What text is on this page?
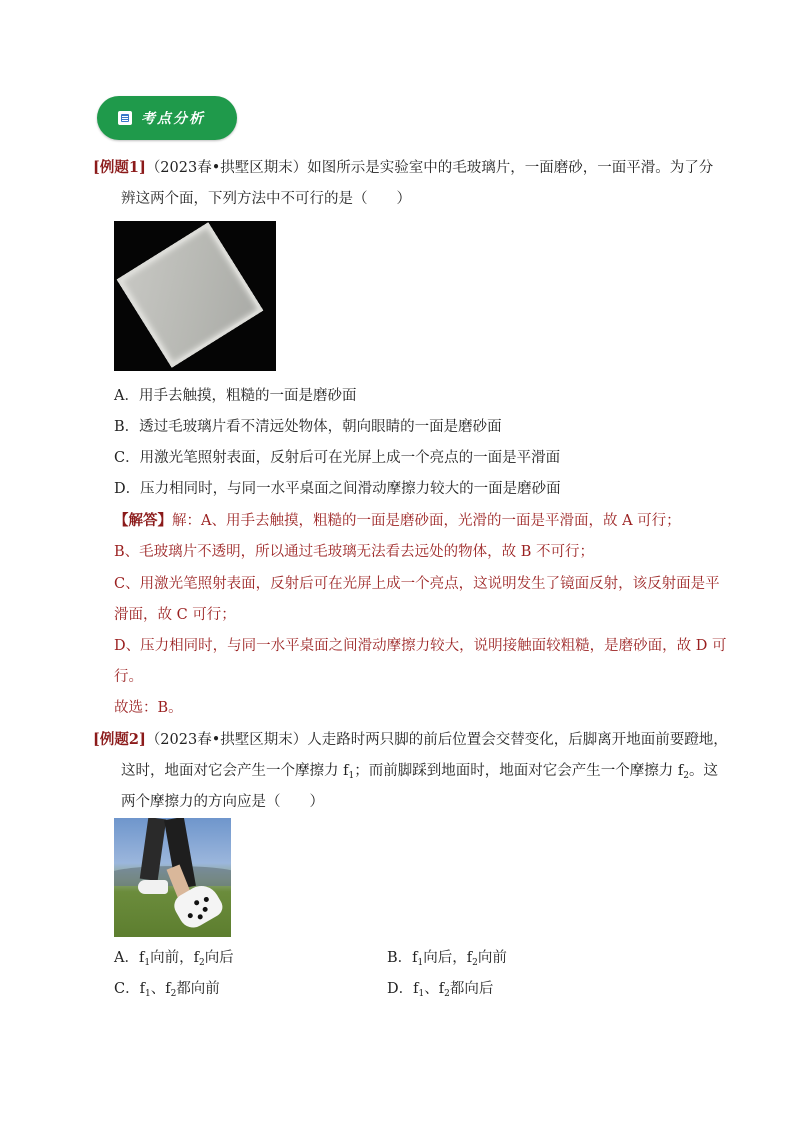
考点分析
[例题1]（2023春•拱墅区期末）如图所示是实验室中的毛玻璃片，一面磨砂，一面平滑。为了分
辨这两个面，下列方法中不可行的是（　　）
A．用手去触摸，粗糙的一面是磨砂面
B．透过毛玻璃片看不清远处物体，朝向眼睛的一面是磨砂面
C．用激光笔照射表面，反射后可在光屏上成一个亮点的一面是平滑面
D．压力相同时，与同一水平桌面之间滑动摩擦力较大的一面是磨砂面
【解答】解：A、用手去触摸，粗糙的一面是磨砂面，光滑的一面是平滑面，故 A 可行；
B、毛玻璃片不透明，所以通过毛玻璃无法看去远处的物体，故 B 不可行；
C、用激光笔照射表面，反射后可在光屏上成一个亮点，这说明发生了镜面反射，该反射面是平
滑面，故 C 可行；
D、压力相同时，与同一水平桌面之间滑动摩擦力较大，说明接触面较粗糙，是磨砂面，故 D 可
行。
故选：B。
[例题2]（2023春•拱墅区期末）人走路时两只脚的前后位置会交替变化，后脚离开地面前要蹬地，
这时，地面对它会产生一个摩擦力 $f_1$；而前脚踩到地面时，地面对它会产生一个摩擦力 $f_2$。这
两个摩擦力的方向应是（　　）
A．$f_1$向前，$f_2$向后	B．$f_1$向后，$f_2$向前
C．$f_1$、$f_2$都向前	D．$f_1$、$f_2$都向后
